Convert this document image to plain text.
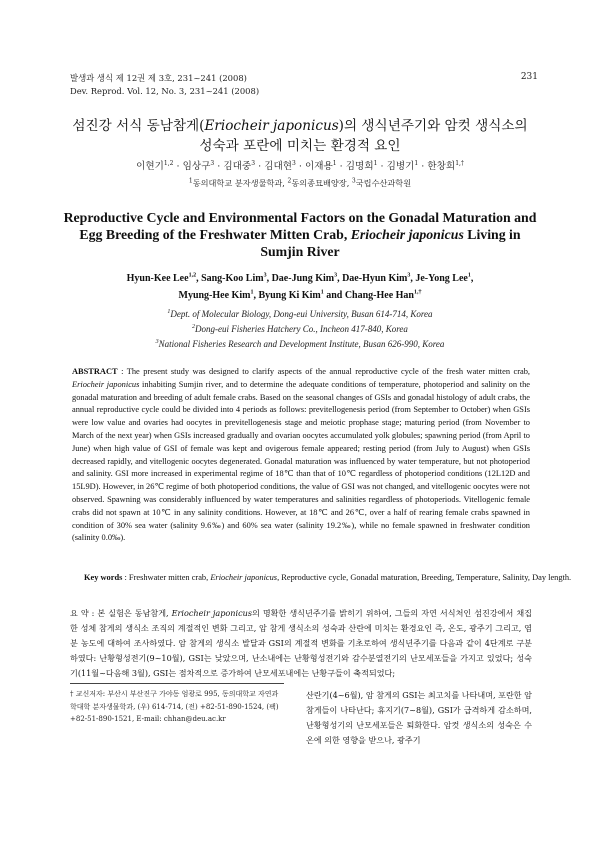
발생과 생식 제 12권 제 3호, 231~241 (2008)
Dev. Reprod. Vol. 12, No. 3, 231~241 (2008)
231
섬진강 서식 동남참게(Eriocheir japonicus)의 생식년주기와 암컷 생식소의
성숙과 포란에 미치는 환경적 요인
이현기$^{1,2}$ · 임상구$^3$ · 김대중$^3$ · 김대현$^3$ · 이재용$^1$ · 김명희$^1$ · 김병기$^1$ · 한창희$^{1,\dagger}$
$^1$동의대학교 분자생물학과, $^2$동의종묘배양장, $^3$국립수산과학원
Reproductive Cycle and Environmental Factors on the Gonadal Maturation and
Egg Breeding of the Freshwater Mitten Crab, Eriocheir japonicus Living in
Sumjin River
Hyun-Kee Lee$^{1,2}$, Sang-Koo Lim$^3$, Dae-Jung Kim$^3$, Dae-Hyun Kim$^3$, Je-Yong Lee$^1$,
Myung-Hee Kim$^1$, Byung Ki Kim$^1$ and Chang-Hee Han$^{1,\dagger}$
$^1$Dept. of Molecular Biology, Dong-eui University, Busan 614-714, Korea
$^2$Dong-eui Fisheries Hatchery Co., Incheon 417-840, Korea
$^3$National Fisheries Research and Development Institute, Busan 626-990, Korea
ABSTRACT : The present study was designed to clarify aspects of the annual reproductive cycle of the fresh water mitten crab, Eriocheir japonicus inhabiting Sumjin river, and to determine the adequate conditions of temperature, photoperiod and salinity on the gonadal maturation and breeding of adult female crabs. Based on the seasonal changes of GSIs and gonadal histology of adult crabs, the annual reproductive cycle could be divided into 4 periods as follows: previtellogenesis period (from September to October) when GSIs were low value and ovaries had oocytes in previtellogenesis stage and meiotic prophase stage; maturing period (from November to March of the next year) when GSIs increased gradually and ovarian oocytes accumulated yolk globules; spawning period (from April to June) when high value of GSI of female was kept and ovigerous female appeared; resting period (from July to August) when GSIs decreased rapidly, and vitellogenic oocytes degenerated. Gonadal maturation was influenced by water temperature, but not photoperiod and salinity. GSI more increased in experimental regime of 18℃ than that of 10℃ regardless of photoperiod conditions (12L12D and 15L9D). However, in 26℃ regime of both photoperiod conditions, the value of GSI was not changed, and vitellogenic oocytes were not observed. Spawning was considerably influenced by water temperatures and salinities regardless of photoperiods. Vitellogenic female crabs did not spawn at 10℃ in any salinity conditions. However, at 18℃ and 26℃, over a half of rearing female crabs spawned in condition of 30% sea water (salinity 9.6‰) and 60% sea water (salinity 19.2‰), while no female spawned in freshwater condition (salinity 0.0‰).
Key words : Freshwater mitten crab, Eriocheir japonicus, Reproductive cycle, Gonadal maturation, Breeding, Temperature, Salinity, Day length.
요 약 : 본 실험은 동남참게, Eriocheir japonicus의 명확한 생식년주기를 밝히기 위하여, 그들의 자연 서식처인 섬진강에서 채집한 성체 참게의 생식소 조직의 계절적인 변화 그리고, 암 참게 생식소의 성숙과 산란에 미치는 환경요인 즉, 온도, 광주기 그리고, 염분 농도에 대하여 조사하였다. 암 참게의 생식소 발달과 GSI의 계절적 변화를 기초로하여 생식년주기를 다음과 같이 4단계로 구분하였다: 난황형성전기(9~10월), GSI는 낮았으며, 난소내에는 난황형성전기와 감수분열전기의 난모세포들을 가지고 있었다; 성숙기(11월~다음해 3월), GSI는 점차적으로 증가하여 난모세포내에는 난황구들이 축적되었다;
† 교신저자: 부산시 부산진구 가야동 엄광로 995, 동의대학교 자연과학대학 분자생물학과, (우) 614-714, (전) +82-51-890-1524, (팩) +82-51-890-1521, E-mail: chhan@deu.ac.kr
산란기(4~6월), 암 참게의 GSI는 최고치를 나타내며, 포란한 암 참게들이 나타난다; 휴지기(7~8월), GSI가 급격하게 감소하며, 난황형성기의 난모세포들은 퇴화한다. 암컷 생식소의 성숙은 수온에 의한 영향을 받으나, 광주기
